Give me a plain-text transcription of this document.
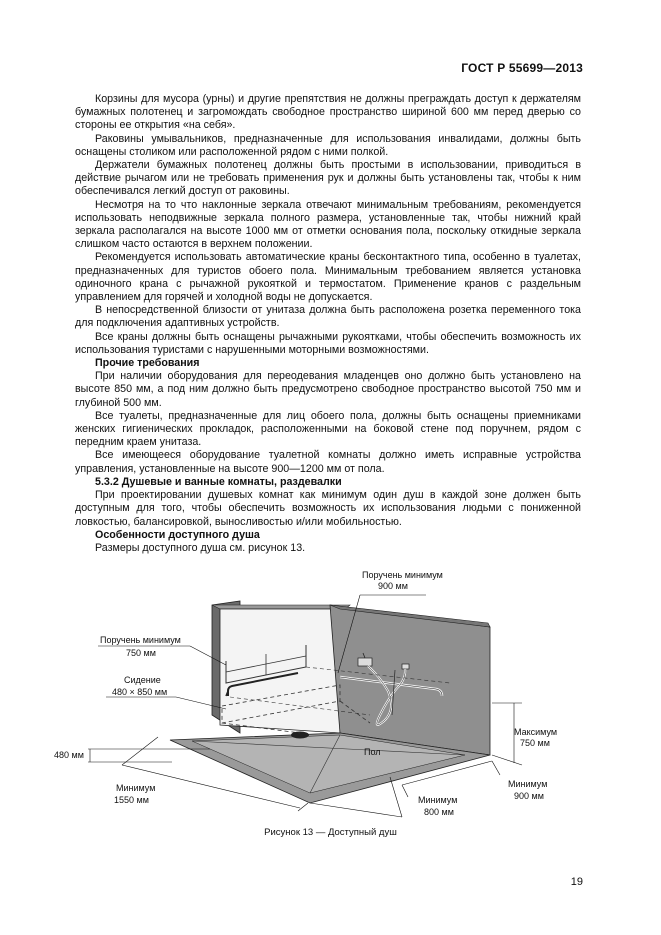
ГОСТ Р 55699—2013

Корзины для мусора (урны) и другие препятствия не должны преграждать доступ к держателям бумажных полотенец и загромождать свободное пространство шириной 600 мм перед дверью со стороны ее открытия «на себя».

Раковины умывальников, предназначенные для использования инвалидами, должны быть оснащены столиком или расположенной рядом с ними полкой.

Держатели бумажных полотенец должны быть простыми в использовании, приводиться в действие рычагом или не требовать применения рук и должны быть установлены так, чтобы к ним обеспечивался легкий доступ от раковины.

Несмотря на то что наклонные зеркала отвечают минимальным требованиям, рекомендуется использовать неподвижные зеркала полного размера, установленные так, чтобы нижний край зеркала располагался на высоте 1000 мм от отметки основания пола, поскольку откидные зеркала слишком часто остаются в верхнем положении.

Рекомендуется использовать автоматические краны бесконтактного типа, особенно в туалетах, предназначенных для туристов обоего пола. Минимальным требованием является установка одиночного крана с рычажной рукояткой и термостатом. Применение кранов с раздельным управлением для горячей и холодной воды не допускается.

В непосредственной близости от унитаза должна быть расположена розетка переменного тока для подключения адаптивных устройств.

Все краны должны быть оснащены рычажными рукоятками, чтобы обеспечить возможность их использования туристами с нарушенными моторными возможностями.

Прочие требования

При наличии оборудования для переодевания младенцев оно должно быть установлено на высоте 850 мм, а под ним должно быть предусмотрено свободное пространство высотой 750 мм и глубиной 500 мм.

Все туалеты, предназначенные для лиц обоего пола, должны быть оснащены приемниками женских гигиенических прокладок, расположенными на боковой стене под поручнем, рядом с передним краем унитаза.

Все имеющееся оборудование туалетной комнаты должно иметь исправные устройства управления, установленные на высоте 900—1200 мм от пола.

5.3.2 Душевые и ванные комнаты, раздевалки

При проектировании душевых комнат как минимум один душ в каждой зоне должен быть доступным для того, чтобы обеспечить возможность их использования людьми с пониженной ловкостью, балансировкой, выносливостью и/или мобильностью.

Особенности доступного душа

Размеры доступного душа см. рисунок 13.

Пол
Поручень минимум
900 мм
Поручень минимум
750 мм
Сидение
480 × 850 мм
480 мм
Максимум
750 мм
Минимум
1550 мм	Минимум
800 мм
Минимум
900 мм
Рисунок 13 — Доступный душ
19
